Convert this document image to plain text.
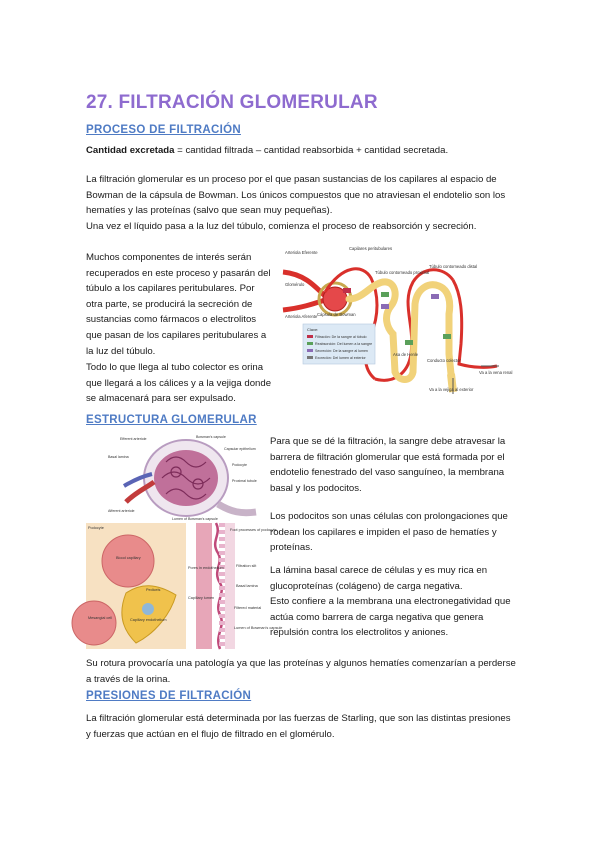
27. FILTRACIÓN GLOMERULAR
PROCESO DE FILTRACIÓN
Cantidad excretada = cantidad filtrada – cantidad reabsorbida + cantidad secretada.
La filtración glomerular es un proceso por el que pasan sustancias de los capilares al espacio de Bowman de la cápsula de Bowman. Los únicos compuestos que no atraviesan el endotelio son los hematíes y las proteínas (salvo que sean muy pequeñas).
Una vez el líquido pasa a la luz del túbulo, comienza el proceso de reabsorción y secreción.
Muchos componentes de interés serán recuperados en este proceso y pasarán del túbulo a los capilares peritubulares. Por otra parte, se producirá la secreción de sustancias como fármacos o electrolitos que pasan de los capilares peritubulares a la luz del túbulo.
Todo lo que llega al tubo colector es orina que llegará a los cálices y a la vejiga donde se almacenará para ser expulsado.
Clave:
Filtración: De la sangre al túbulo
Reabsorción: Del lumen a la sangre
Secreción: De la sangre al lumen
Excreción: Del lumen al exterior
Arteriola Eferente
Capilares peritubulares
Túbulo contorneado distal
Glomérulo
Túbulo contorneado proximal
Arteriola Aferente Cápsula de Bowman
Asa de Henle
Conducto colector
Va a la vena renal
Va a la vejiga al exterior
ESTRUCTURA GLOMERULAR
Efferent arteriole	Bowman's capsule
Basal lamina
Capsular epithelium
Podocyte
Proximal tubule
Afferent arteriole
Lumen of Bowman's capsule
Podocyte
Blood capillary
Pedicels
Capillary endothelium
Mesangial cell
Foot processes of podocyte
Pores in endothelium	Filtration slit
Basal lamina
Capillary lumen
Filtered material
Lumen of Bowman's capsule
Para que se dé la filtración, la sangre debe atravesar la barrera de filtración glomerular que está formada por el endotelio fenestrado del vaso sanguíneo, la membrana basal y los podocitos.
Los podocitos son unas células con prolongaciones que rodean los capilares e impiden el paso de hematíes y proteínas.
La lámina basal carece de células y es muy rica en glucoproteínas (colágeno) de carga negativa.
Esto confiere a la membrana una electronegatividad que actúa como barrera de carga negativa que genera repulsión contra los electrolitos y aniones.
Su rotura provocaría una patología ya que las proteínas y algunos hematíes comenzarían a perderse a través de la orina.
PRESIONES DE FILTRACIÓN
La filtración glomerular está determinada por las fuerzas de Starling, que son las distintas presiones y fuerzas que actúan en el flujo de filtrado en el glomérulo.
